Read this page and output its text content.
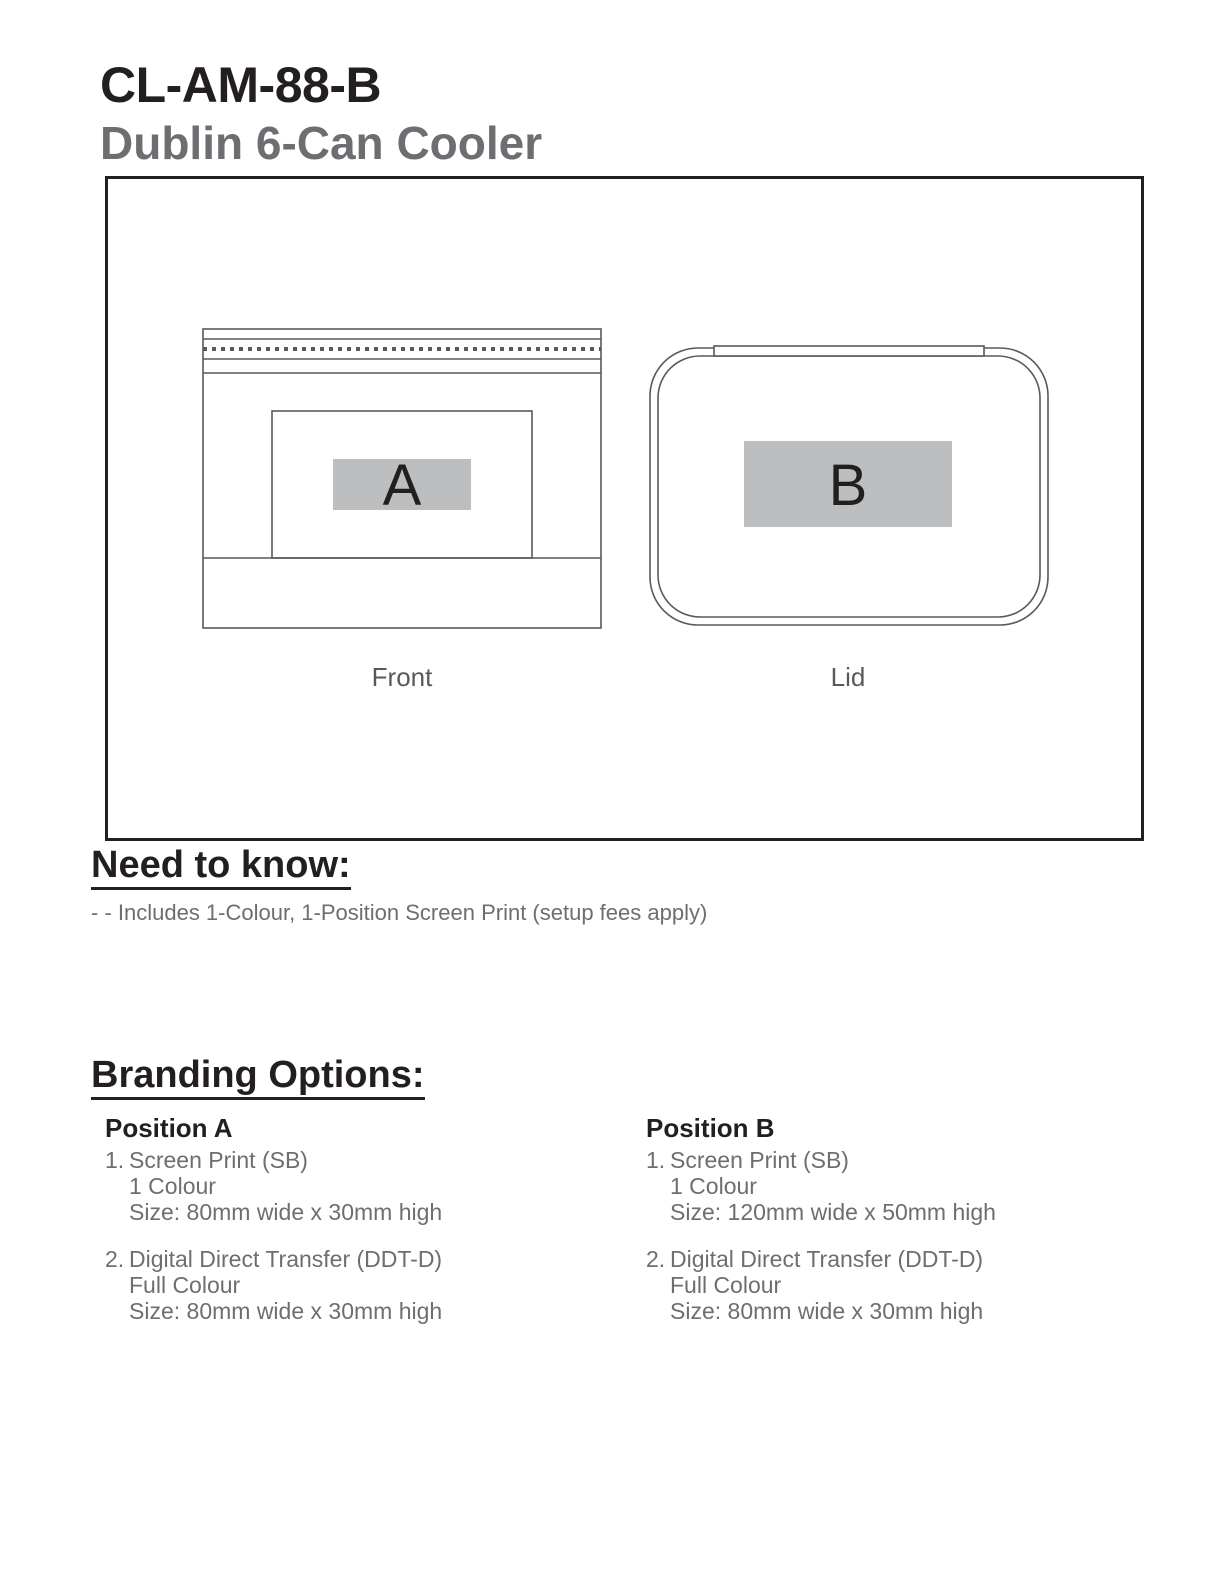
CL-AM-88-B
Dublin 6-Can Cooler
A	B
Front	Lid
Need to know:
- - Includes 1-Colour, 1-Position Screen Print (setup fees apply)
Branding Options:
Position A
1. Screen Print (SB)
1 Colour
Size: 80mm wide x 30mm high
2. Digital Direct Transfer (DDT-D)
Full Colour
Size: 80mm wide x 30mm high
Position B
1. Screen Print (SB)
1 Colour
Size: 120mm wide x 50mm high
2. Digital Direct Transfer (DDT-D)
Full Colour
Size: 80mm wide x 30mm high
